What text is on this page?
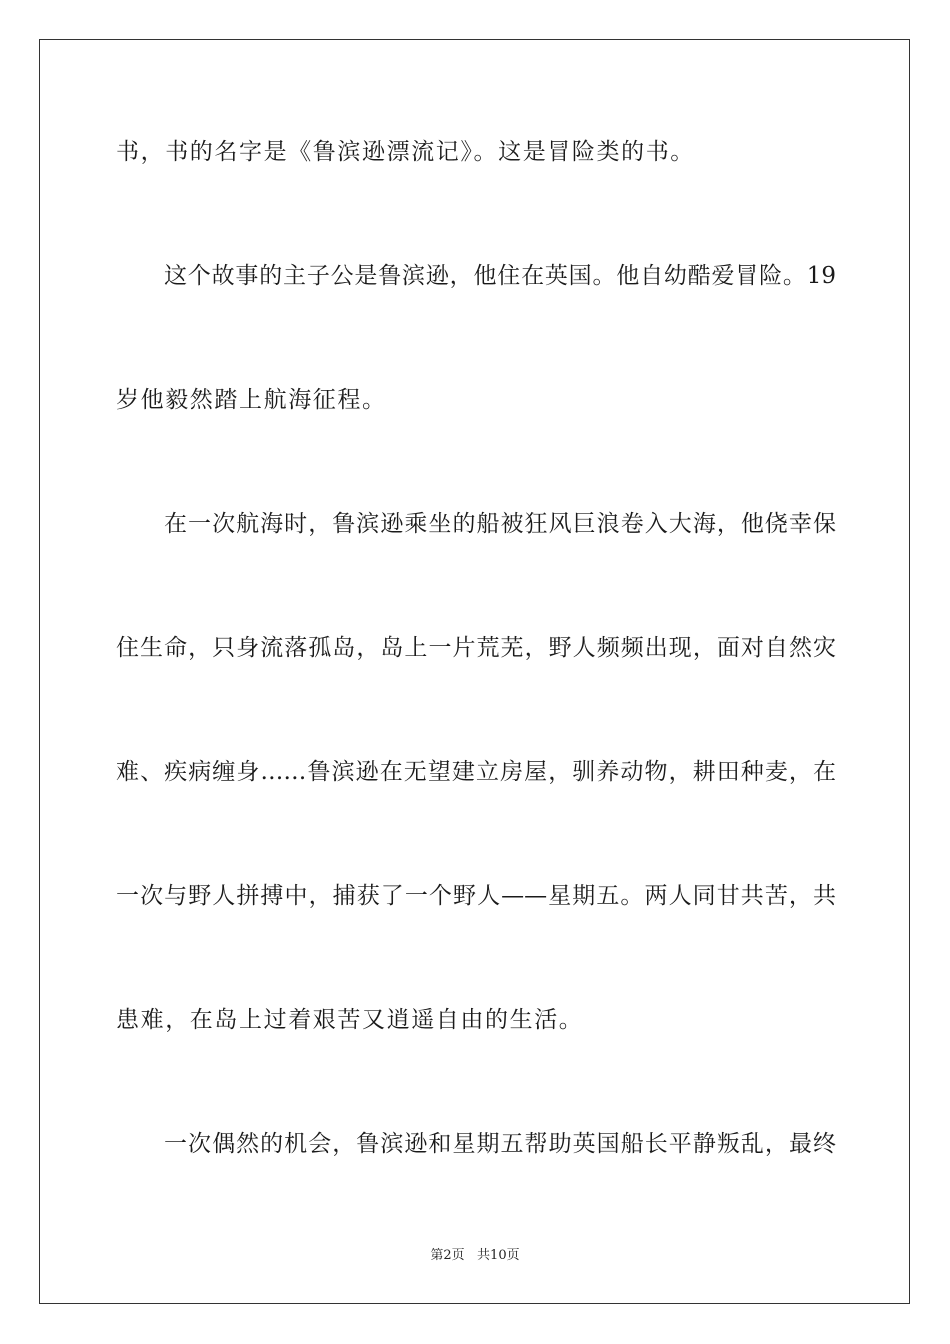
书，书的名字是《鲁滨逊漂流记》。这是冒险类的书。
这个故事的主子公是鲁滨逊，他住在英国。他自幼酷爱冒险。19
岁他毅然踏上航海征程。
在一次航海时，鲁滨逊乘坐的船被狂风巨浪卷入大海，他侥幸保
住生命，只身流落孤岛，岛上一片荒芜，野人频频出现，面对自然灾
难、疾病缠身……鲁滨逊在无望建立房屋，驯养动物，耕田种麦，在
一次与野人拼搏中，捕获了一个野人——星期五。两人同甘共苦，共
患难，在岛上过着艰苦又逍遥自由的生活。
一次偶然的机会，鲁滨逊和星期五帮助英国船长平静叛乱，最终
第2页   共10页
